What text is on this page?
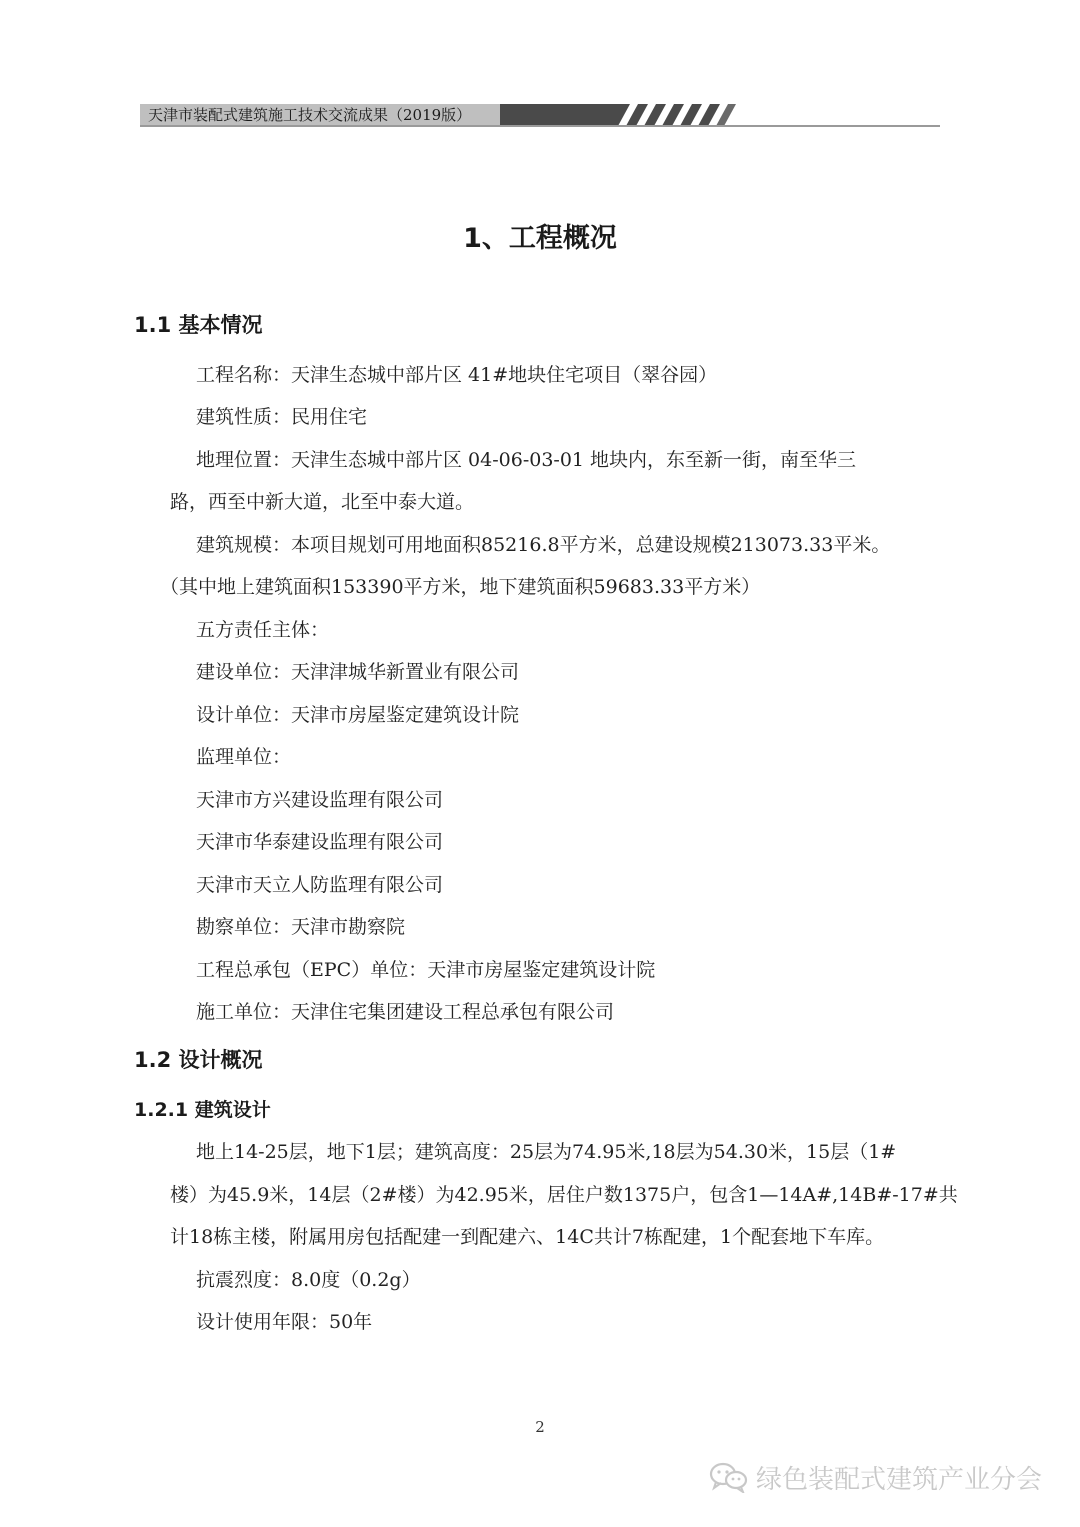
天津市装配式建筑施工技术交流成果（2019版）
1、工程概况
1.1 基本情况
工程名称：天津生态城中部片区 41#地块住宅项目（翠谷园）
建筑性质：民用住宅
地理位置：天津生态城中部片区 04-06-03-01 地块内，东至新一街，南至华三
路，西至中新大道，北至中泰大道。
建筑规模：本项目规划可用地面积85216.8平方米，总建设规模213073.33平米。
（其中地上建筑面积153390平方米，地下建筑面积59683.33平方米）
五方责任主体：
建设单位：天津津城华新置业有限公司
设计单位：天津市房屋鉴定建筑设计院
监理单位：
天津市方兴建设监理有限公司
天津市华泰建设监理有限公司
天津市天立人防监理有限公司
勘察单位：天津市勘察院
工程总承包（EPC）单位：天津市房屋鉴定建筑设计院
施工单位：天津住宅集团建设工程总承包有限公司
1.2 设计概况
1.2.1 建筑设计
地上14-25层，地下1层；建筑高度：25层为74.95米,18层为54.30米，15层（1#
楼）为45.9米，14层（2#楼）为42.95米，居住户数1375户，包含1—14A#,14B#-17#共
计18栋主楼，附属用房包括配建一到配建六、14C共计7栋配建，1个配套地下车库。
抗震烈度：8.0度（0.2g）
设计使用年限：50年
2
绿色装配式建筑产业分会
